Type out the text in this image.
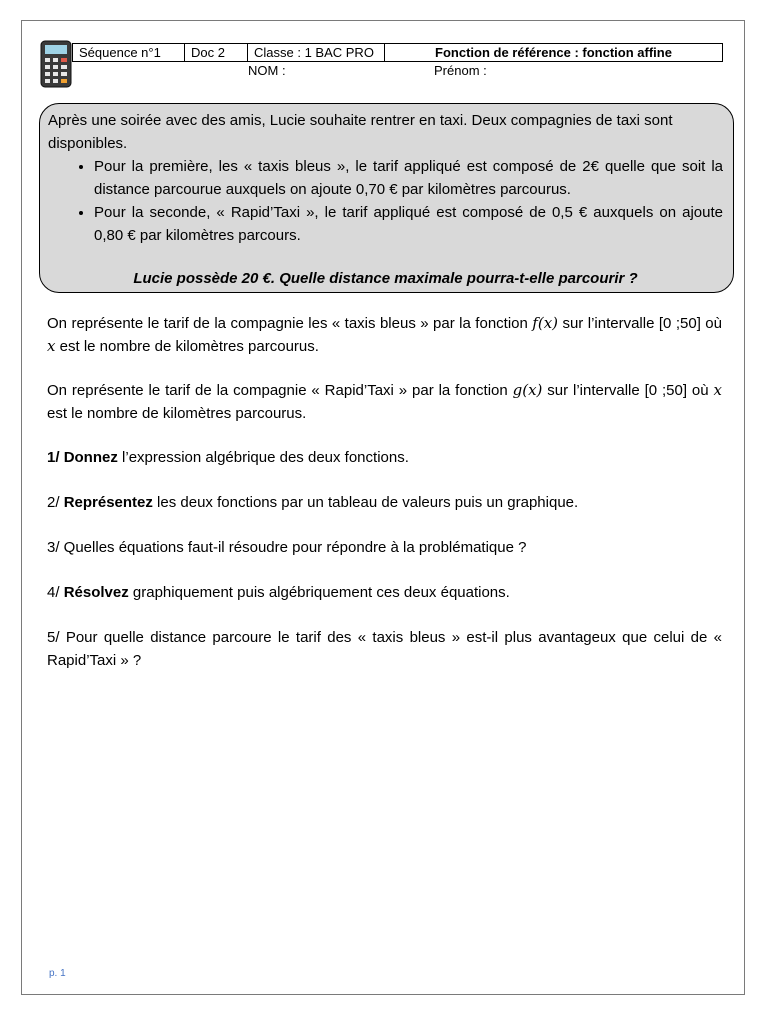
Séquence n°1	Doc 2	Classe : 1 BAC PRO	Fonction de référence : fonction affine
NOM :	Prénom :

Après une soirée avec des amis, Lucie souhaite rentrer en taxi. Deux compagnies de taxi sont disponibles.

• Pour la première, les « taxis bleus », le tarif appliqué est composé de 2€ quelle que soit la distance parcourue auxquels on ajoute 0,70 € par kilomètres parcourus.
• Pour la seconde, « Rapid’Taxi », le tarif appliqué est composé de 0,5 € auxquels on ajoute 0,80 € par kilomètres parcours.

Lucie possède 20 €. Quelle distance maximale pourra-t-elle parcourir ?

On représente le tarif de la compagnie les « taxis bleus » par la fonction f(x) sur l’intervalle [0 ;50] où x est le nombre de kilomètres parcourus.

On représente le tarif de la compagnie « Rapid’Taxi » par la fonction g(x) sur l’intervalle [0 ;50] où x est le nombre de kilomètres parcourus.

1/ Donnez l’expression algébrique des deux fonctions.

2/ Représentez les deux fonctions par un tableau de valeurs puis un graphique.

3/ Quelles équations faut-il résoudre pour répondre à la problématique ?

4/ Résolvez graphiquement puis algébriquement ces deux équations.

5/ Pour quelle distance parcoure le tarif des « taxis bleus » est-il plus avantageux que celui de « Rapid’Taxi » ?

p. 1
